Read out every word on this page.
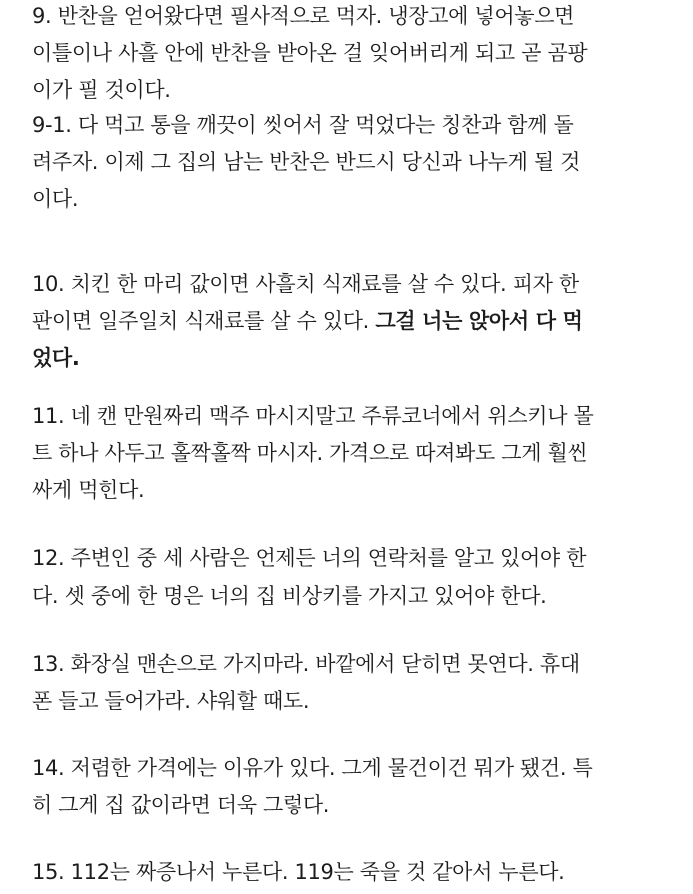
9. 반찬을 얻어왔다면 필사적으로 먹자. 냉장고에 넣어놓으면
이틀이나 사흘 안에 반찬을 받아온 걸 잊어버리게 되고 곧 곰팡
이가 필 것이다.
9-1. 다 먹고 통을 깨끗이 씻어서 잘 먹었다는 칭찬과 함께 돌
려주자. 이제 그 집의 남는 반찬은 반드시 당신과 나누게 될 것
이다.
10. 치킨 한 마리 값이면 사흘치 식재료를 살 수 있다. 피자 한
판이면 일주일치 식재료를 살 수 있다. 그걸 너는 앉아서 다 먹
었다.
11. 네 캔 만원짜리 맥주 마시지말고 주류코너에서 위스키나 몰
트 하나 사두고 홀짝홀짝 마시자. 가격으로 따져봐도 그게 훨씬
싸게 먹힌다.
12. 주변인 중 세 사람은 언제든 너의 연락처를 알고 있어야 한
다. 셋 중에 한 명은 너의 집 비상키를 가지고 있어야 한다.
13. 화장실 맨손으로 가지마라. 바깥에서 닫히면 못연다. 휴대
폰 들고 들어가라. 샤워할 때도.
14. 저렴한 가격에는 이유가 있다. 그게 물건이건 뭐가 됐건. 특
히 그게 집 값이라면 더욱 그렇다.
15. 112는 짜증나서 누른다. 119는 죽을 것 같아서 누른다.
